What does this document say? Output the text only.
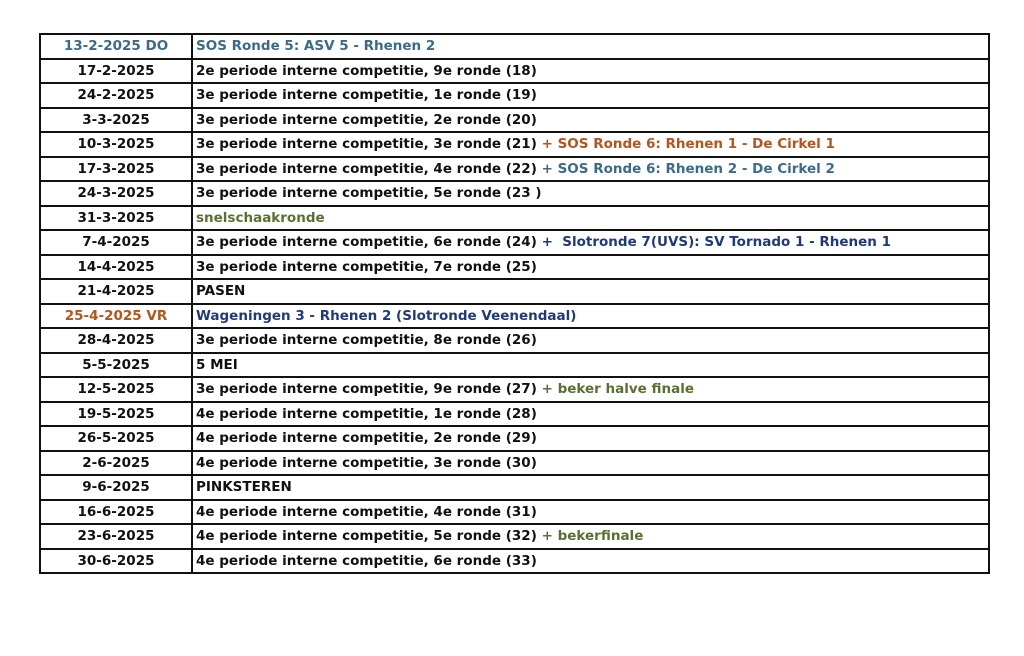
13-2-2025 DO	SOS Ronde 5: ASV 5 - Rhenen 2
17-2-2025	2e periode interne competitie, 9e ronde (18)
24-2-2025	3e periode interne competitie, 1e ronde (19)
3-3-2025	3e periode interne competitie, 2e ronde (20)
10-3-2025	3e periode interne competitie, 3e ronde (21) + SOS Ronde 6: Rhenen 1 - De Cirkel 1
17-3-2025	3e periode interne competitie, 4e ronde (22) + SOS Ronde 6: Rhenen 2 - De Cirkel 2
24-3-2025	3e periode interne competitie, 5e ronde (23 )
31-3-2025	snelschaakronde
7-4-2025	3e periode interne competitie, 6e ronde (24) +  Slotronde 7(UVS): SV Tornado 1 - Rhenen 1
14-4-2025	3e periode interne competitie, 7e ronde (25)
21-4-2025	PASEN
25-4-2025 VR	Wageningen 3 - Rhenen 2 (Slotronde Veenendaal)
28-4-2025	3e periode interne competitie, 8e ronde (26)
5-5-2025	5 MEI
12-5-2025	3e periode interne competitie, 9e ronde (27) + beker halve finale
19-5-2025	4e periode interne competitie, 1e ronde (28)
26-5-2025	4e periode interne competitie, 2e ronde (29)
2-6-2025	4e periode interne competitie, 3e ronde (30)
9-6-2025	PINKSTEREN
16-6-2025	4e periode interne competitie, 4e ronde (31)
23-6-2025	4e periode interne competitie, 5e ronde (32) + bekerfinale
30-6-2025	4e periode interne competitie, 6e ronde (33)
